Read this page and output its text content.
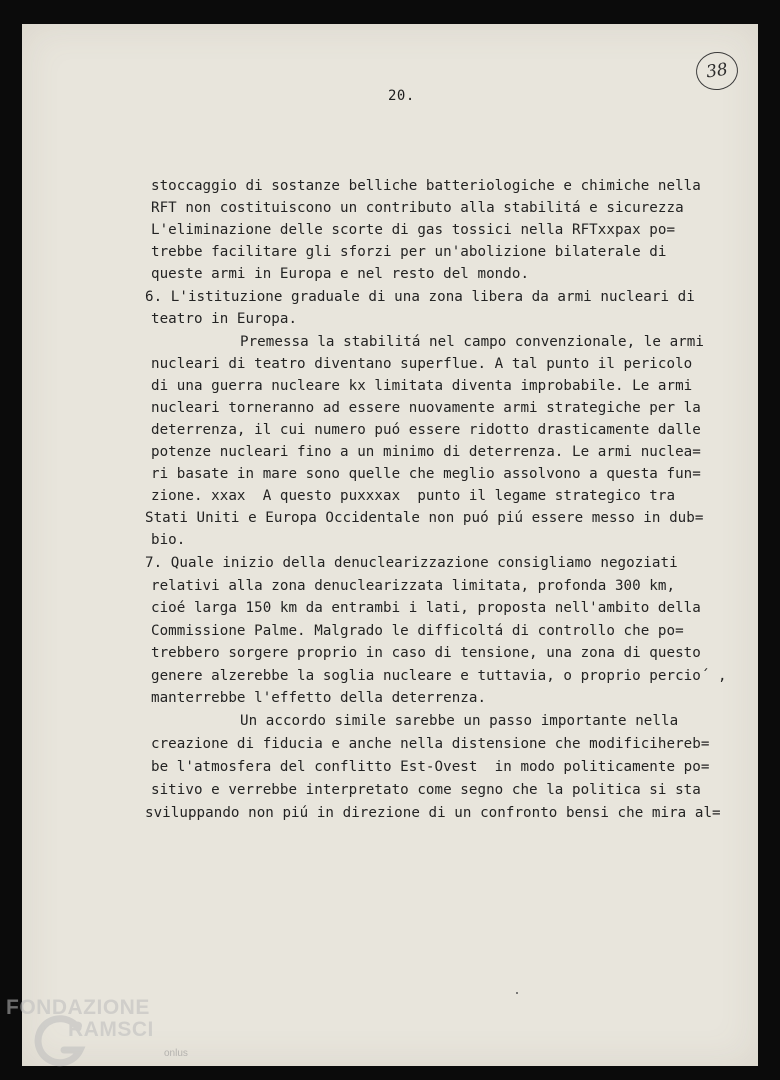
20.
38
stoccaggio di sostanze belliche batteriologiche e chimiche nella
RFT non costituiscono un contributo alla stabilitá e sicurezza
L'eliminazione delle scorte di gas tossici nella RFTxxpax po=
trebbe facilitare gli sforzi per un'abolizione bilaterale di
queste armi in Europa e nel resto del mondo.
6. L'istituzione graduale di una zona libera da armi nucleari di
teatro in Europa.
Premessa la stabilitá nel campo convenzionale, le armi
nucleari di teatro diventano superflue. A tal punto il pericolo
di una guerra nucleare kx limitata diventa improbabile. Le armi
nucleari torneranno ad essere nuovamente armi strategiche per la
deterrenza, il cui numero puó essere ridotto drasticamente dalle
potenze nucleari fino a un minimo di deterrenza. Le armi nuclea=
ri basate in mare sono quelle che meglio assolvono a questa fun=
zione. xxax  A questo puxxxax  punto il legame strategico tra
Stati Uniti e Europa Occidentale non puó piú essere messo in dub=
bio.
7. Quale inizio della denuclearizzazione consigliamo negoziati
relativi alla zona denuclearizzata limitata, profonda 300 km,
cioé larga 150 km da entrambi i lati, proposta nell'ambito della
Commissione Palme. Malgrado le difficoltá di controllo che po=
trebbero sorgere proprio in caso di tensione, una zona di questo
genere alzerebbe la soglia nucleare e tuttavia, o proprio percio´ ,
manterrebbe l'effetto della deterrenza.
Un accordo simile sarebbe un passo importante nella
creazione di fiducia e anche nella distensione che modificihereb=
be l'atmosfera del conflitto Est-Ovest  in modo politicamente po=
sitivo e verrebbe interpretato come segno che la politica si sta
sviluppando non piú in direzione di un confronto bensi che mira al=
FONDAZIONE
RAMSCI
onlus
